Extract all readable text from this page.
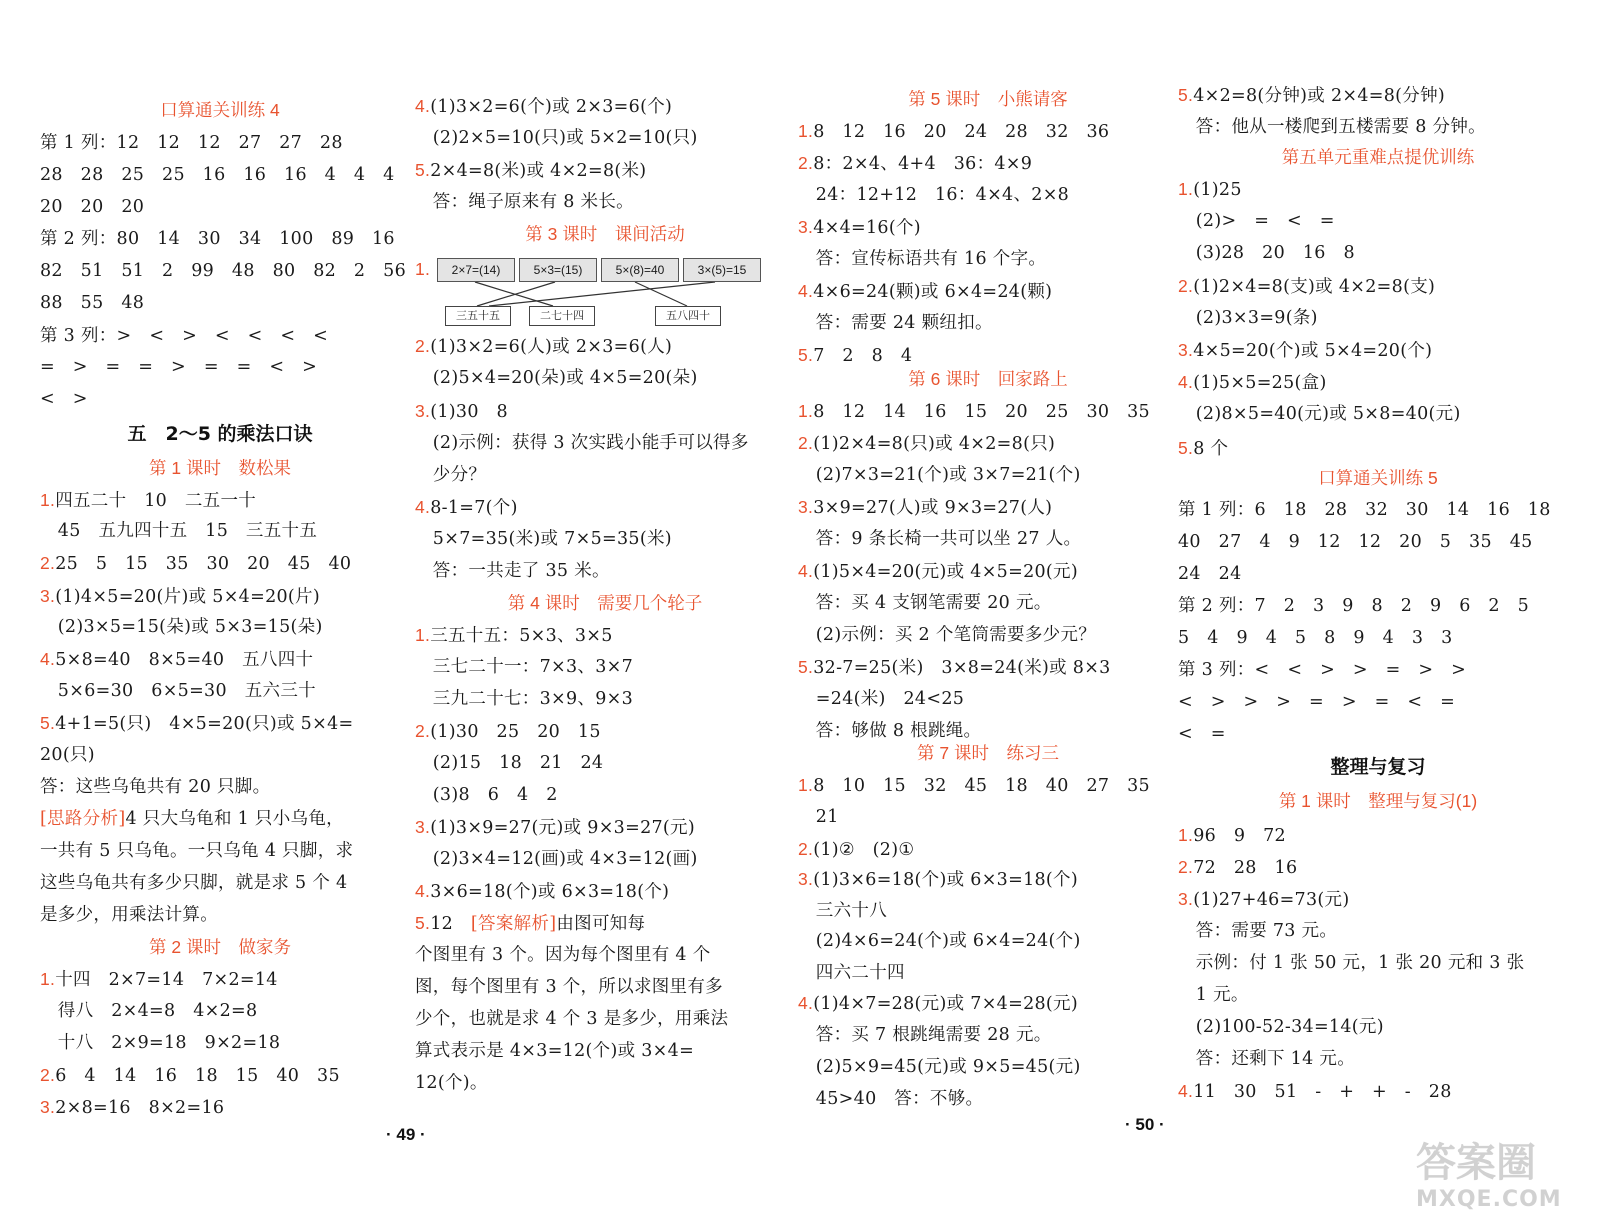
口算通关训练 4
第 1 列：12　12　12　27　27　28
28　28　25　25　16　16　16　4　4　4
20　20　20
第 2 列：80　14　30　34　100　89　16
82　51　51　2　99　48　80　82　2　56
88　55　48
第 3 列：>　<　>　<　<　<　<
=　>　=　=　>　=　=　<　>
<　>
五　2～5 的乘法口诀
第 1 课时　数松果
1.四五二十　10　二五一十
　45　五九四十五　15　三五十五
2.25　5　15　35　30　20　45　40
3.(1)4×5=20(片)或 5×4=20(片)
　(2)3×5=15(朵)或 5×3=15(朵)
4.5×8=40　8×5=40　五八四十
　5×6=30　6×5=30　五六三十
5.4+1=5(只)　4×5=20(只)或 5×4=
20(只)
答：这些乌龟共有 20 只脚。
[思路分析]4 只大乌龟和 1 只小乌龟，
一共有 5 只乌龟。一只乌龟 4 只脚，求
这些乌龟共有多少只脚，就是求 5 个 4
是多少，用乘法计算。
第 2 课时　做家务
1.十四　2×7=14　7×2=14
　得八　2×4=8　4×2=8
　十八　2×9=18　9×2=18
2.6　4　14　16　18　15　40　35
3.2×8=16　8×2=16
4.(1)3×2=6(个)或 2×3=6(个)
　(2)2×5=10(只)或 5×2=10(只)
5.2×4=8(米)或 4×2=8(米)
　答：绳子原来有 8 米长。
第 3 课时　课间活动
1.	2×7=(14)	5×3=(15)	5×(8)=40	3×(5)=15
三五十五	二七十四	五八四十
2.(1)3×2=6(人)或 2×3=6(人)
　(2)5×4=20(朵)或 4×5=20(朵)
3.(1)30　8
　(2)示例：获得 3 次实践小能手可以得多
　少分？
4.8-1=7(个)
　5×7=35(米)或 7×5=35(米)
　答：一共走了 35 米。
第 4 课时　需要几个轮子
1.三五十五：5×3、3×5
　三七二十一：7×3、3×7
　三九二十七：3×9、9×3
2.(1)30　25　20　15
　(2)15　18　21　24
　(3)8　6　4　2
3.(1)3×9=27(元)或 9×3=27(元)
　(2)3×4=12(画)或 4×3=12(画)
4.3×6=18(个)或 6×3=18(个)
5.12　 [答案解析]由图可知每
个图里有 3 个。因为每个图里有 4 个
图，每个图里有 3 个，所以求图里有多
少个，也就是求 4 个 3 是多少，用乘法
算式表示是 4×3=12(个)或 3×4=
12(个)。
· 49 ·
第 5 课时　小熊请客
1.8　12　16　20　24　28　32　36
2.8：2×4、4+4　36：4×9
　24：12+12　16：4×4、2×8
3.4×4=16(个)
　答：宣传标语共有 16 个字。
4.4×6=24(颗)或 6×4=24(颗)
　答：需要 24 颗纽扣。
5.7　2　8　4
第 6 课时　回家路上
1.8　12　14　16　15　20　25　30　35
2.(1)2×4=8(只)或 4×2=8(只)
　(2)7×3=21(个)或 3×7=21(个)
3.3×9=27(人)或 9×3=27(人)
　答：9 条长椅一共可以坐 27 人。
4.(1)5×4=20(元)或 4×5=20(元)
　答：买 4 支钢笔需要 20 元。
　(2)示例：买 2 个笔筒需要多少元？
5.32-7=25(米)　3×8=24(米)或 8×3
　=24(米)　24<25
　答：够做 8 根跳绳。
第 7 课时　练习三
1.8　10　15　32　45　18　40　27　35
　21
2.(1)②　(2)①
3.(1)3×6=18(个)或 6×3=18(个)
　三六十八
　(2)4×6=24(个)或 6×4=24(个)
　四六二十四
4.(1)4×7=28(元)或 7×4=28(元)
　答：买 7 根跳绳需要 28 元。
　(2)5×9=45(元)或 9×5=45(元)
　45>40　答：不够。
5.4×2=8(分钟)或 2×4=8(分钟)
　答：他从一楼爬到五楼需要 8 分钟。
第五单元重难点提优训练
1.(1)25
　(2)>　=　<　=
　(3)28　20　16　8
2.(1)2×4=8(支)或 4×2=8(支)
　(2)3×3=9(条)
3.4×5=20(个)或 5×4=20(个)
4.(1)5×5=25(盒)
　(2)8×5=40(元)或 5×8=40(元)
5.8 个
口算通关训练 5
第 1 列：6　18　28　32　30　14　16　18
40　27　4　9　12　12　20　5　35　45
24　24
第 2 列：7　2　3　9　8　2　9　6　2　5
5　4　9　4　5　8　9　4　3　3
第 3 列：<　<　>　>　=　>　>
<　>　>　>　=　>　=　<　=
<　=
整理与复习
第 1 课时　整理与复习(1)
1.96　9　72
2.72　28　16
3.(1)27+46=73(元)
　答：需要 73 元。
　示例：付 1 张 50 元，1 张 20 元和 3 张
　1 元。
　(2)100-52-34=14(元)
　答：还剩下 14 元。
4.11　30　51　-　+　+　-　28
· 50 ·
答案圈
MXQE.COM
